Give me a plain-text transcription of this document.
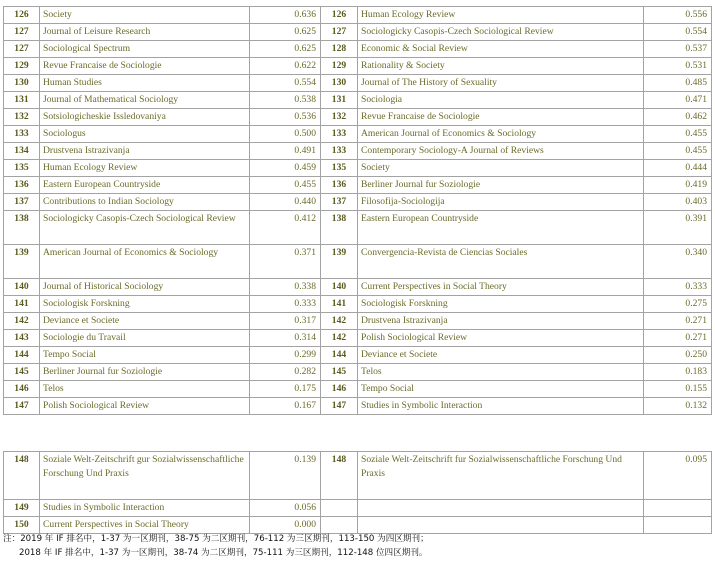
126	Society	0.636	126	Human Ecology Review	0.556
127	Journal of Leisure Research	0.625	127	Sociologicky Casopis-Czech Sociological Review	0.554
127	Sociological Spectrum	0.625	128	Economic & Social Review	0.537
129	Revue Francaise de Sociologie	0.622	129	Rationality & Society	0.531
130	Human Studies	0.554	130	Journal of The History of Sexuality	0.485
131	Journal of Mathematical Sociology	0.538	131	Sociologia	0.471
132	Sotsiologicheskie Issledovaniya	0.536	132	Revue Francaise de Sociologie	0.462
133	Sociologus	0.500	133	American Journal of Economics & Sociology	0.455
134	Drustvena Istrazivanja	0.491	133	Contemporary Sociology-A Journal of Reviews	0.455
135	Human Ecology Review	0.459	135	Society	0.444
136	Eastern European Countryside	0.455	136	Berliner Journal fur Soziologie	0.419
137	Contributions to Indian Sociology	0.440	137	Filosofija-Sociologija	0.403
138	Sociologicky Casopis-Czech Sociological Review	0.412	138	Eastern European Countryside	0.391
139	American Journal of Economics & Sociology	0.371	139	Convergencia-Revista de Ciencias Sociales	0.340
140	Journal of Historical Sociology	0.338	140	Current Perspectives in Social Theory	0.333
141	Sociologisk Forskning	0.333	141	Sociologisk Forskning	0.275
142	Deviance et Societe	0.317	142	Drustvena Istrazivanja	0.271
143	Sociologie du Travail	0.314	142	Polish Sociological Review	0.271
144	Tempo Social	0.299	144	Deviance et Societe	0.250
145	Berliner Journal fur Soziologie	0.282	145	Telos	0.183
146	Telos	0.175	146	Tempo Social	0.155
147	Polish Sociological Review	0.167	147	Studies in Symbolic Interaction	0.132
148	Soziale Welt-Zeitschrift gur Sozialwissenschaftliche Forschung Und Praxis	0.139	148	Soziale Welt-Zeitschrift fur Sozialwissenschaftliche Forschung Und Praxis	0.095
149	Studies in Symbolic Interaction	0.056			
150	Current Perspectives in Social Theory	0.000			
注：2019 年 IF 排名中，1-37 为一区期刊，38-75 为二区期刊，76-112 为三区期刊，113-150 为四区期刊；
2018 年 IF 排名中，1-37 为一区期刊，38-74 为二区期刊，75-111 为三区期刊，112-148 位四区期刊。
